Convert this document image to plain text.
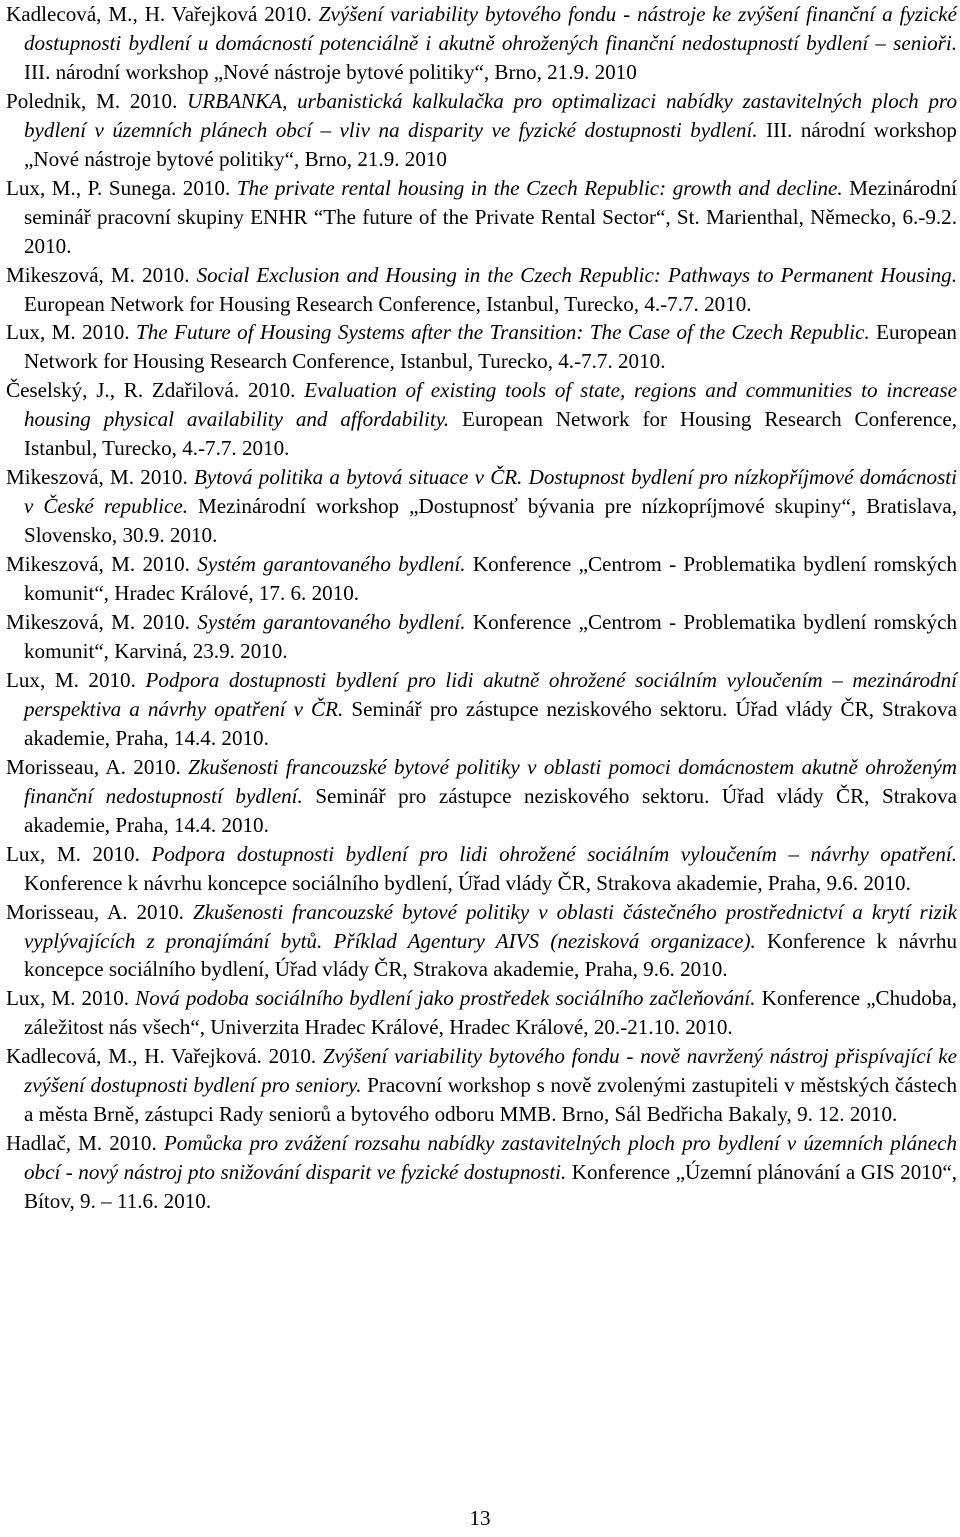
Kadlecová, M., H. Vařejková 2010. Zvýšení variability bytového fondu - nástroje ke zvýšení finanční a fyzické dostupnosti bydlení u domácností potenciálně i akutně ohrožených finanční nedostupností bydlení – senioři. III. národní workshop „Nové nástroje bytové politiky“, Brno, 21.9. 2010

Polednik, M. 2010. URBANKA, urbanistická kalkulačka pro optimalizaci nabídky zastavitelných ploch pro bydlení v územních plánech obcí – vliv na disparity ve fyzické dostupnosti bydlení. III. národní workshop „Nové nástroje bytové politiky“, Brno, 21.9. 2010

Lux, M., P. Sunega. 2010. The private rental housing in the Czech Republic: growth and decline. Mezinárodní seminář pracovní skupiny ENHR “The future of the Private Rental Sector“, St. Marienthal, Německo, 6.-9.2. 2010.

Mikeszová, M. 2010. Social Exclusion and Housing in the Czech Republic: Pathways to Permanent Housing. European Network for Housing Research Conference, Istanbul, Turecko, 4.-7.7. 2010.

Lux, M. 2010. The Future of Housing Systems after the Transition: The Case of the Czech Republic. European Network for Housing Research Conference, Istanbul, Turecko, 4.-7.7. 2010.

Česelský, J., R. Zdařilová. 2010. Evaluation of existing tools of state, regions and communities to increase housing physical availability and affordability. European Network for Housing Research Conference, Istanbul, Turecko, 4.-7.7. 2010.

Mikeszová, M. 2010. Bytová politika a bytová situace v ČR. Dostupnost bydlení pro nízkopříjmové domácnosti v České republice. Mezinárodní workshop „Dostupnosť bývania pre nízkopríjmové skupiny“, Bratislava, Slovensko, 30.9. 2010.

Mikeszová, M. 2010. Systém garantovaného bydlení. Konference „Centrom - Problematika bydlení romských komunit“, Hradec Králové, 17. 6. 2010.

Mikeszová, M. 2010. Systém garantovaného bydlení. Konference „Centrom - Problematika bydlení romských komunit“, Karviná, 23.9. 2010.

Lux, M. 2010. Podpora dostupnosti bydlení pro lidi akutně ohrožené sociálním vyloučením – mezinárodní perspektiva a návrhy opatření v ČR. Seminář pro zástupce neziskového sektoru. Úřad vlády ČR, Strakova akademie, Praha, 14.4. 2010.

Morisseau, A. 2010. Zkušenosti francouzské bytové politiky v oblasti pomoci domácnostem akutně ohroženým finanční nedostupností bydlení. Seminář pro zástupce neziskového sektoru. Úřad vlády ČR, Strakova akademie, Praha, 14.4. 2010.

Lux, M. 2010. Podpora dostupnosti bydlení pro lidi ohrožené sociálním vyloučením – návrhy opatření. Konference k návrhu koncepce sociálního bydlení, Úřad vlády ČR, Strakova akademie, Praha, 9.6. 2010.

Morisseau, A. 2010. Zkušenosti francouzské bytové politiky v oblasti částečného prostřednictví a krytí rizik vyplývajících z pronajímání bytů. Příklad Agentury AIVS (nezisková organizace). Konference k návrhu koncepce sociálního bydlení, Úřad vlády ČR, Strakova akademie, Praha, 9.6. 2010.

Lux, M. 2010. Nová podoba sociálního bydlení jako prostředek sociálního začleňování. Konference „Chudoba, záležitost nás všech“, Univerzita Hradec Králové, Hradec Králové, 20.-21.10. 2010.

Kadlecová, M., H. Vařejková. 2010. Zvýšení variability bytového fondu - nově navržený nástroj přispívající ke zvýšení dostupnosti bydlení pro seniory. Pracovní workshop s nově zvolenými zastupiteli v městských částech a města Brně, zástupci Rady seniorů a bytového odboru MMB. Brno, Sál Bedřicha Bakaly, 9. 12. 2010.

Hadlač, M. 2010. Pomůcka pro zvážení rozsahu nabídky zastavitelných ploch pro bydlení v územních plánech obcí - nový nástroj pto snižování disparit ve fyzické dostupnosti. Konference „Územní plánování a GIS 2010“, Bítov, 9. – 11.6. 2010.

13
